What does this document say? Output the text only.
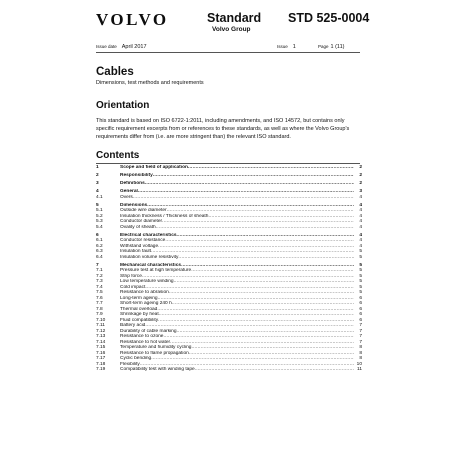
VOLVO	Standard
Volvo Group
STD 525-0004
Issue date April 2017	Issue 1	Page 1 (11)
Cables
Dimensions, test methods and requirements
Orientation

This standard is based on ISO 6722-1:2011, including amendments, and ISO 14572, but contains only specific requirement excerpts from or references to these standards, as well as where the Volvo Group's requirements differ from (i.e. are more stringent than) the relevant ISO standard.

Contents
1	Scope and field of application .....	2
2	Responsibility .....	2
3	Definitions .....	2
4	General .....	3
4.1	Overs .....	4
5	Dimensions .....	4
5.1	Outside wire diameter .....	4
5.2	Insulation thickness / Thickness of sheath .....	4
5.3	Conductor diameter .....	4
5.4	Ovality of sheath .....	4
6	Electrical characteristics .....	4
6.1	Conductor resistance .....	4
6.2	Withstand voltage .....	4
6.3	Insulation fault .....	5
6.4	Insulation volume resistivity .....	5
7	Mechanical characteristics .....	5
7.1	Pressure test at high temperature .....	5
7.2	Strip force .....	5
7.3	Low temperature winding .....	5
7.4	Cold impact .....	5
7.5	Resistance to abrasion .....	5
7.6	Long-term ageing .....	6
7.7	Short-term ageing 240 h .....	6
7.8	Thermal overload .....	6
7.9	Shrinkage by heat .....	6
7.10	Fluid compatibility .....	6
7.11	Battery acid .....	7
7.12	Durability of cable marking .....	7
7.13	Resistance to ozone .....	7
7.14	Resistance to hot water .....	7
7.15	Temperature and humidity cycling .....	8
7.16	Resistance to flame propagation .....	8
7.17	Cyclic bending .....	8
7.18	Flexibility .....	10
7.19	Compatibility test with winding tape .....	11
